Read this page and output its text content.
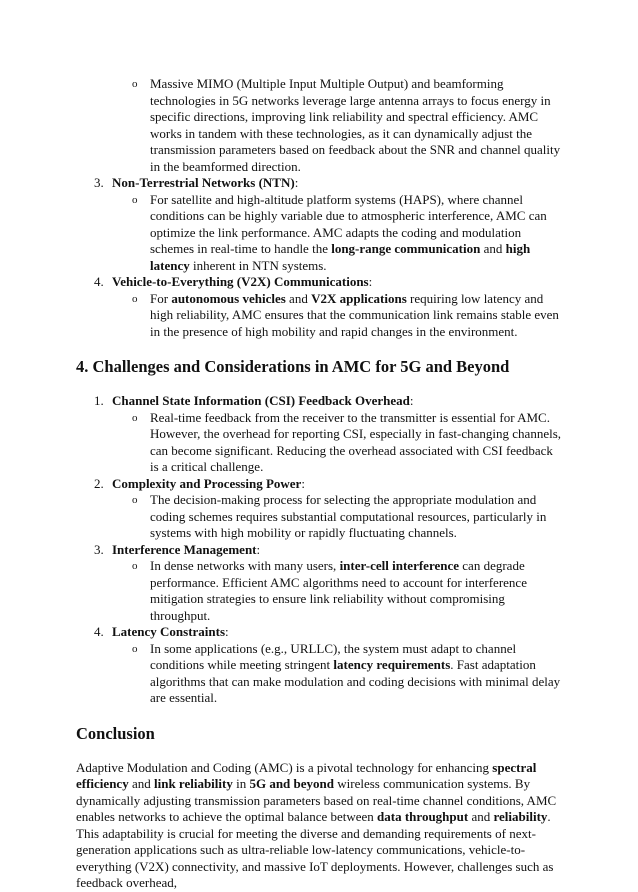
o Massive MIMO (Multiple Input Multiple Output) and beamforming technologies in 5G networks leverage large antenna arrays to focus energy in specific directions, improving link reliability and spectral efficiency. AMC works in tandem with these technologies, as it can dynamically adjust the transmission parameters based on feedback about the SNR and channel quality in the beamformed direction.
3. Non-Terrestrial Networks (NTN):
o For satellite and high-altitude platform systems (HAPS), where channel conditions can be highly variable due to atmospheric interference, AMC can optimize the link performance. AMC adapts the coding and modulation schemes in real-time to handle the long-range communication and high latency inherent in NTN systems.
4. Vehicle-to-Everything (V2X) Communications:
o For autonomous vehicles and V2X applications requiring low latency and high reliability, AMC ensures that the communication link remains stable even in the presence of high mobility and rapid changes in the environment.
4. Challenges and Considerations in AMC for 5G and Beyond
1. Channel State Information (CSI) Feedback Overhead:
o Real-time feedback from the receiver to the transmitter is essential for AMC. However, the overhead for reporting CSI, especially in fast-changing channels, can become significant. Reducing the overhead associated with CSI feedback is a critical challenge.
2. Complexity and Processing Power:
o The decision-making process for selecting the appropriate modulation and coding schemes requires substantial computational resources, particularly in systems with high mobility or rapidly fluctuating channels.
3. Interference Management:
o In dense networks with many users, inter-cell interference can degrade performance. Efficient AMC algorithms need to account for interference mitigation strategies to ensure link reliability without compromising throughput.
4. Latency Constraints:
o In some applications (e.g., URLLC), the system must adapt to channel conditions while meeting stringent latency requirements. Fast adaptation algorithms that can make modulation and coding decisions with minimal delay are essential.
Conclusion

Adaptive Modulation and Coding (AMC) is a pivotal technology for enhancing spectral efficiency and link reliability in 5G and beyond wireless communication systems. By dynamically adjusting transmission parameters based on real-time channel conditions, AMC enables networks to achieve the optimal balance between data throughput and reliability. This adaptability is crucial for meeting the diverse and demanding requirements of next-generation applications such as ultra-reliable low-latency communications, vehicle-to-everything (V2X) connectivity, and massive IoT deployments. However, challenges such as feedback overhead,
